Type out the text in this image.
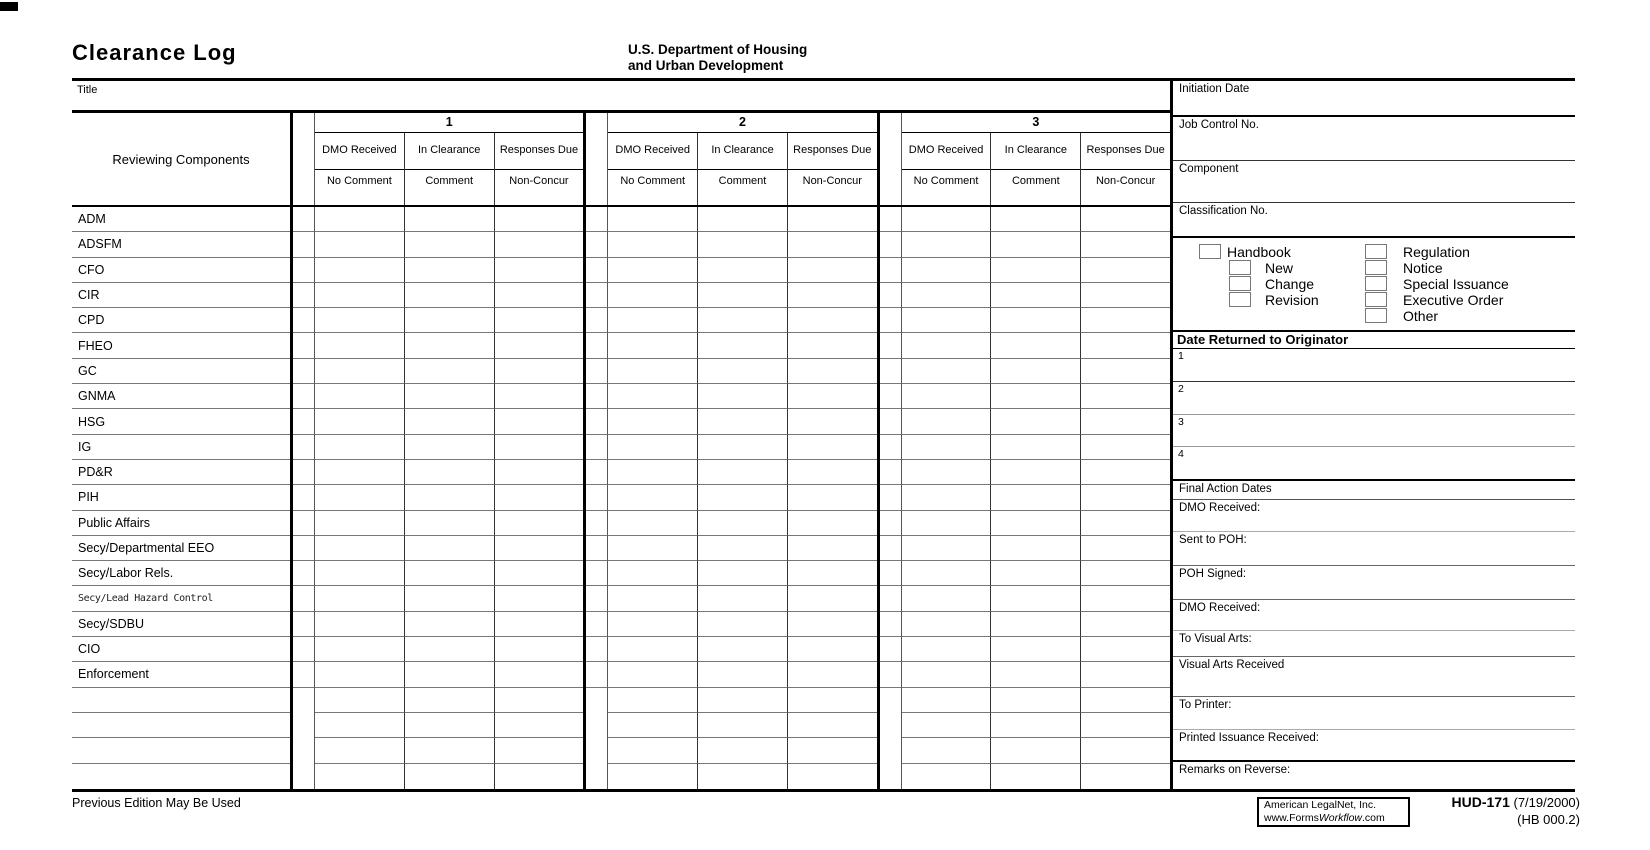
Clearance Log	U.S. Department of Housing
and Urban Development
Title
Reviewing Components
1
DMO Received
No Comment
In Clearance
Comment
Responses Due
Non-Concur
2
DMO Received
No Comment
In Clearance
Comment
Responses Due
Non-Concur
3
DMO Received
No Comment
In Clearance
Comment
Responses Due
Non-Concur
ADM
ADSFM
CFO
CIR
CPD
FHEO
GC
GNMA
HSG
IG
PD&R
PIH
Public Affairs
Secy/Departmental EEO
Secy/Labor Rels.
Secy/Lead Hazard Control
Secy/SDBU
CIO
Enforcement
Initiation Date
Job Control No.
Component
Classification No.
Handbook
New
Change
Revision
Regulation
Notice
Special Issuance
Executive Order
Other
Date Returned to Originator
1
2
3
4
Final Action Dates
DMO Received:
Sent to POH:
POH Signed:
DMO Received:
To Visual Arts:
Visual Arts Received
To Printer:
Printed Issuance Received:
Remarks on Reverse:
Previous Edition May Be Used	American LegalNet, Inc.
www.FormsWorkflow.com
HUD-171 (7/19/2000)
(HB 000.2)
